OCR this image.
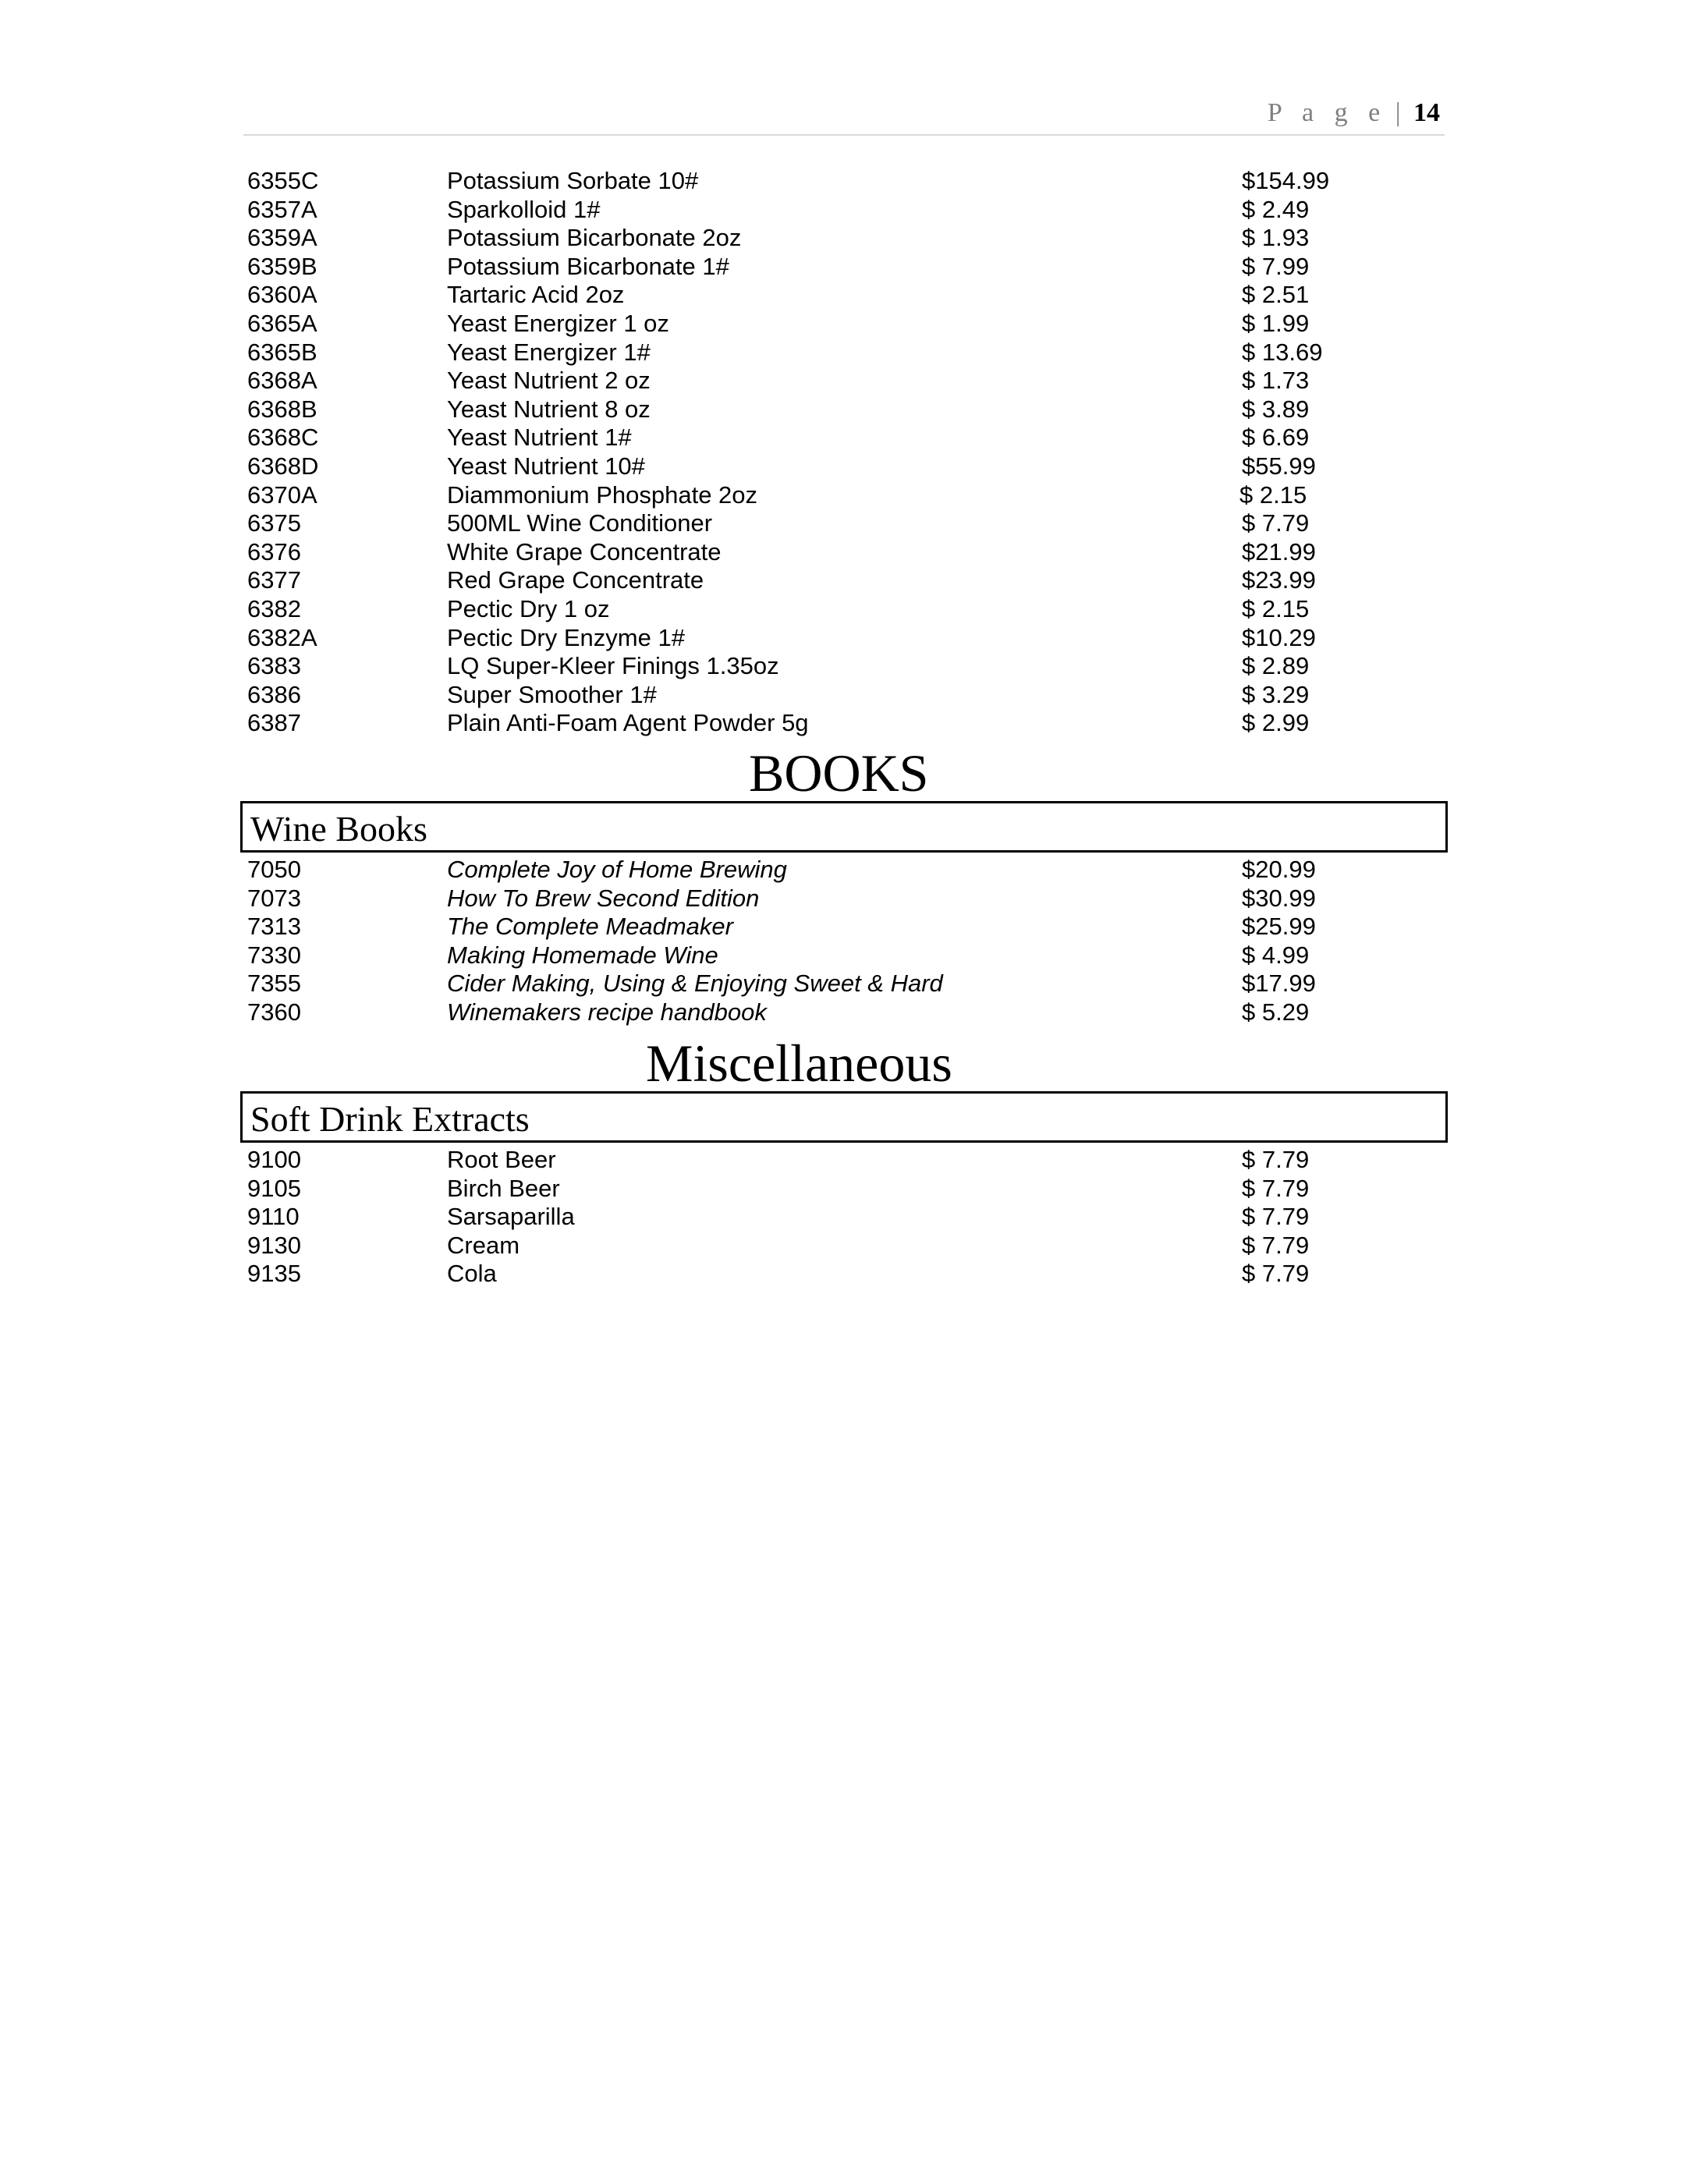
P a g e | 14
6355C	Potassium Sorbate 10#	$154.99
6357A	Sparkolloid 1#	$ 2.49
6359A	Potassium Bicarbonate 2oz	$ 1.93
6359B	Potassium Bicarbonate 1#	$ 7.99
6360A	Tartaric Acid 2oz	$ 2.51
6365A	Yeast Energizer 1 oz	$ 1.99
6365B	Yeast Energizer 1#	$ 13.69
6368A	Yeast Nutrient 2 oz	$ 1.73
6368B	Yeast Nutrient 8 oz	$ 3.89
6368C	Yeast Nutrient 1#	$ 6.69
6368D	Yeast Nutrient 10#	$55.99
6370A	Diammonium Phosphate 2oz	$ 2.15
6375	500ML Wine Conditioner	$ 7.79
6376	White Grape Concentrate	$21.99
6377	Red Grape Concentrate	$23.99
6382	Pectic Dry 1 oz	$ 2.15
6382A	Pectic Dry Enzyme 1#	$10.29
6383	LQ Super-Kleer Finings 1.35oz	$ 2.89
6386	Super Smoother 1#	$ 3.29
6387	Plain Anti-Foam Agent Powder 5g	$ 2.99
BOOKS
Wine Books
7050	Complete Joy of Home Brewing	$20.99
7073	How To Brew Second Edition	$30.99
7313	The Complete Meadmaker	$25.99
7330	Making Homemade Wine	$ 4.99
7355	Cider Making, Using & Enjoying Sweet & Hard	$17.99
7360	Winemakers recipe handbook	$ 5.29
Miscellaneous
Soft Drink Extracts
9100	Root Beer	$ 7.79
9105	Birch Beer	$ 7.79
9110	Sarsaparilla	$ 7.79
9130	Cream	$ 7.79
9135	Cola	$ 7.79
